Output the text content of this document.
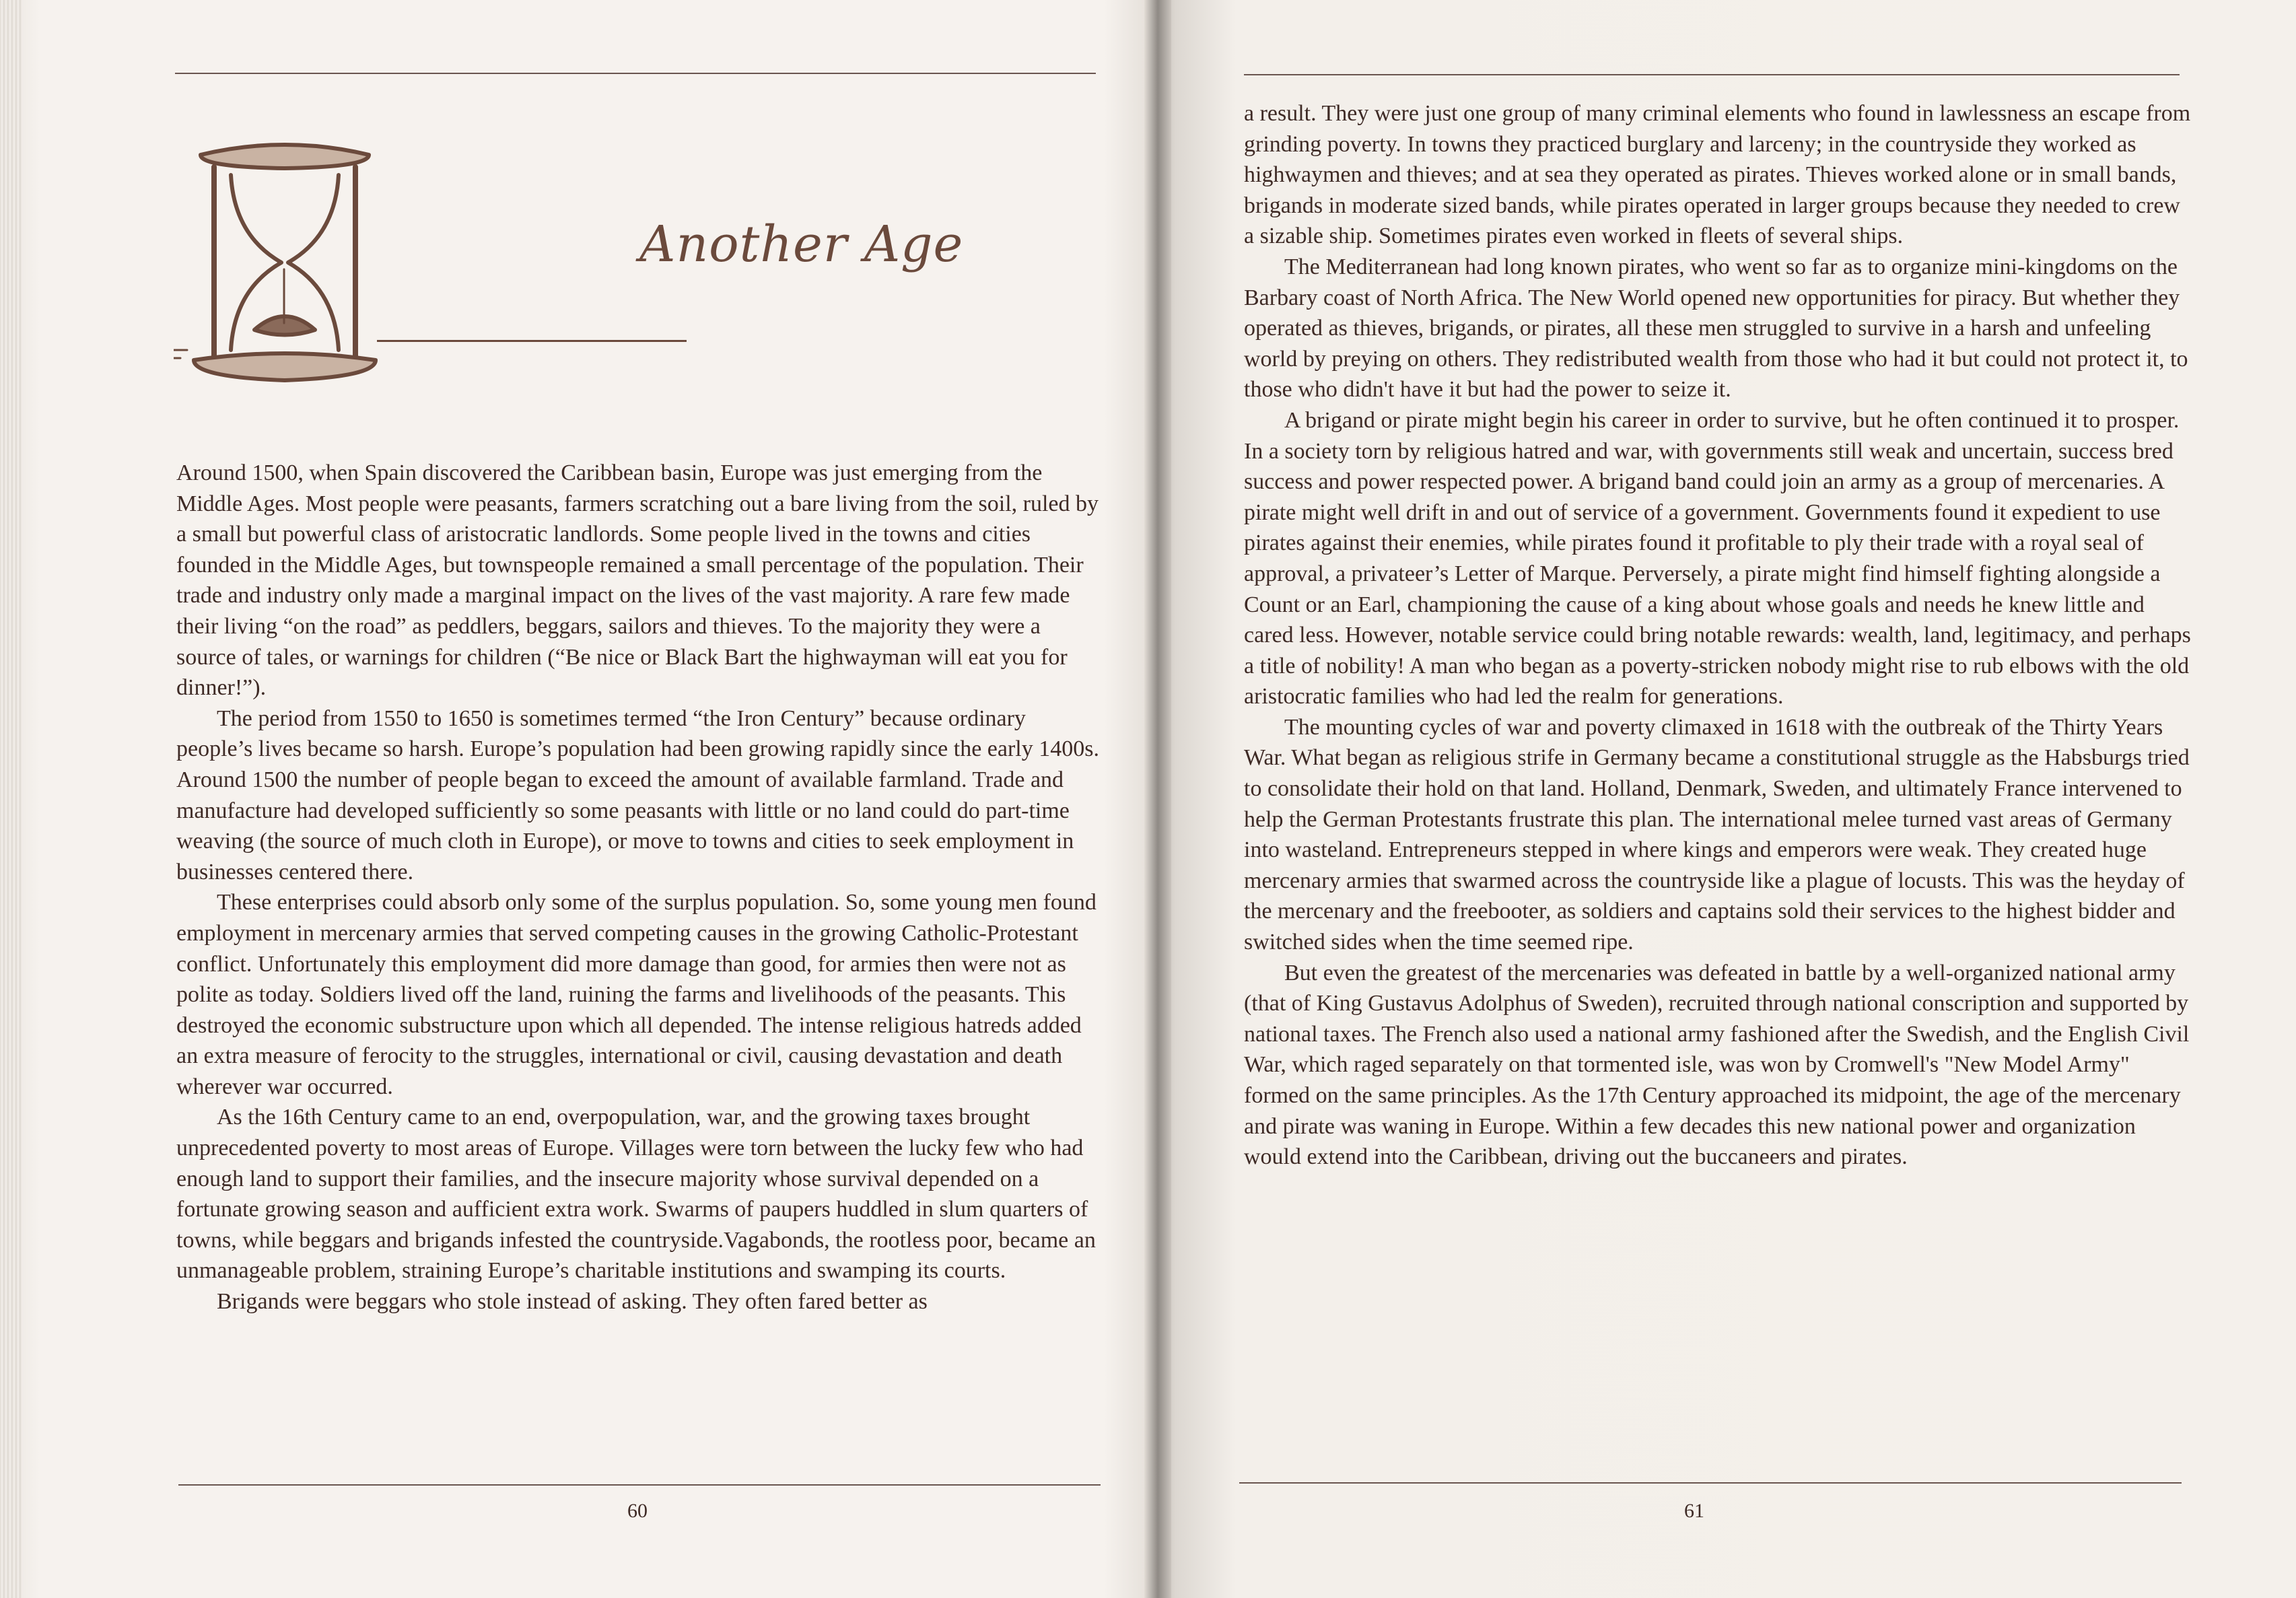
Another Age

Around 1500, when Spain discovered the Caribbean basin, Europe was just emerging from the Middle Ages. Most people were peasants, farmers scratching out a bare living from the soil, ruled by a small but powerful class of aristocratic landlords. Some people lived in the towns and cities founded in the Middle Ages, but townspeople remained a small percentage of the population. Their trade and industry only made a marginal impact on the lives of the vast majority. A rare few made their living “on the road” as peddlers, beggars, sailors and thieves. To the majority they were a source of tales, or warnings for children (“Be nice or Black Bart the highwayman will eat you for dinner!”).

The period from 1550 to 1650 is sometimes termed “the Iron Century” because ordinary people’s lives became so harsh. Europe’s population had been growing rapidly since the early 1400s. Around 1500 the number of people began to exceed the amount of available farmland. Trade and manufacture had developed sufficiently so some peasants with little or no land could do part-time weaving (the source of much cloth in Europe), or move to towns and cities to seek employment in businesses centered there.

These enterprises could absorb only some of the surplus population. So, some young men found employment in mercenary armies that served competing causes in the growing Catholic-Protestant conflict. Unfortunately this employment did more damage than good, for armies then were not as polite as today. Soldiers lived off the land, ruining the farms and livelihoods of the peasants. This destroyed the economic substructure upon which all depended. The intense religious hatreds added an extra measure of ferocity to the struggles, international or civil, causing devastation and death wherever war occurred.

As the 16th Century came to an end, overpopulation, war, and the growing taxes brought unprecedented poverty to most areas of Europe. Villages were torn between the lucky few who had enough land to support their families, and the insecure majority whose survival depended on a fortunate growing season and aufficient extra work. Swarms of paupers huddled in slum quarters of towns, while beggars and brigands infested the countryside.Vagabonds, the rootless poor, became an unmanageable problem, straining Europe’s charitable institutions and swamping its courts.

Brigands were beggars who stole instead of asking. They often fared better as

60

a result. They were just one group of many criminal elements who found in lawlessness an escape from grinding poverty. In towns they practiced burglary and larceny; in the countryside they worked as highwaymen and thieves; and at sea they operated as pirates. Thieves worked alone or in small bands, brigands in moderate sized bands, while pirates operated in larger groups because they needed to crew a sizable ship. Sometimes pirates even worked in fleets of several ships.

The Mediterranean had long known pirates, who went so far as to organize mini-kingdoms on the Barbary coast of North Africa. The New World opened new opportunities for piracy. But whether they operated as thieves, brigands, or pirates, all these men struggled to survive in a harsh and unfeeling world by preying on others. They redistributed wealth from those who had it but could not protect it, to those who didn't have it but had the power to seize it.

A brigand or pirate might begin his career in order to survive, but he often continued it to prosper. In a society torn by religious hatred and war, with governments still weak and uncertain, success bred success and power respected power. A brigand band could join an army as a group of mercenaries. A pirate might well drift in and out of service of a government. Governments found it expedient to use pirates against their enemies, while pirates found it profitable to ply their trade with a royal seal of approval, a privateer’s Letter of Marque. Perversely, a pirate might find himself fighting alongside a Count or an Earl, championing the cause of a king about whose goals and needs he knew little and cared less. However, notable service could bring notable rewards: wealth, land, legitimacy, and perhaps a title of nobility! A man who began as a poverty-stricken nobody might rise to rub elbows with the old aristocratic families who had led the realm for generations.

The mounting cycles of war and poverty climaxed in 1618 with the outbreak of the Thirty Years War. What began as religious strife in Germany became a constitutional struggle as the Habsburgs tried to consolidate their hold on that land. Holland, Denmark, Sweden, and ultimately France intervened to help the German Protestants frustrate this plan. The international melee turned vast areas of Germany into wasteland. Entrepreneurs stepped in where kings and emperors were weak. They created huge mercenary armies that swarmed across the countryside like a plague of locusts. This was the heyday of the mercenary and the freebooter, as soldiers and captains sold their services to the highest bidder and switched sides when the time seemed ripe.

But even the greatest of the mercenaries was defeated in battle by a well-organized national army (that of King Gustavus Adolphus of Sweden), recruited through national conscription and supported by national taxes. The French also used a national army fashioned after the Swedish, and the English Civil War, which raged separately on that tormented isle, was won by Cromwell's "New Model Army" formed on the same principles. As the 17th Century approached its midpoint, the age of the mercenary and pirate was waning in Europe. Within a few decades this new national power and organization would extend into the Caribbean, driving out the buccaneers and pirates.

61
